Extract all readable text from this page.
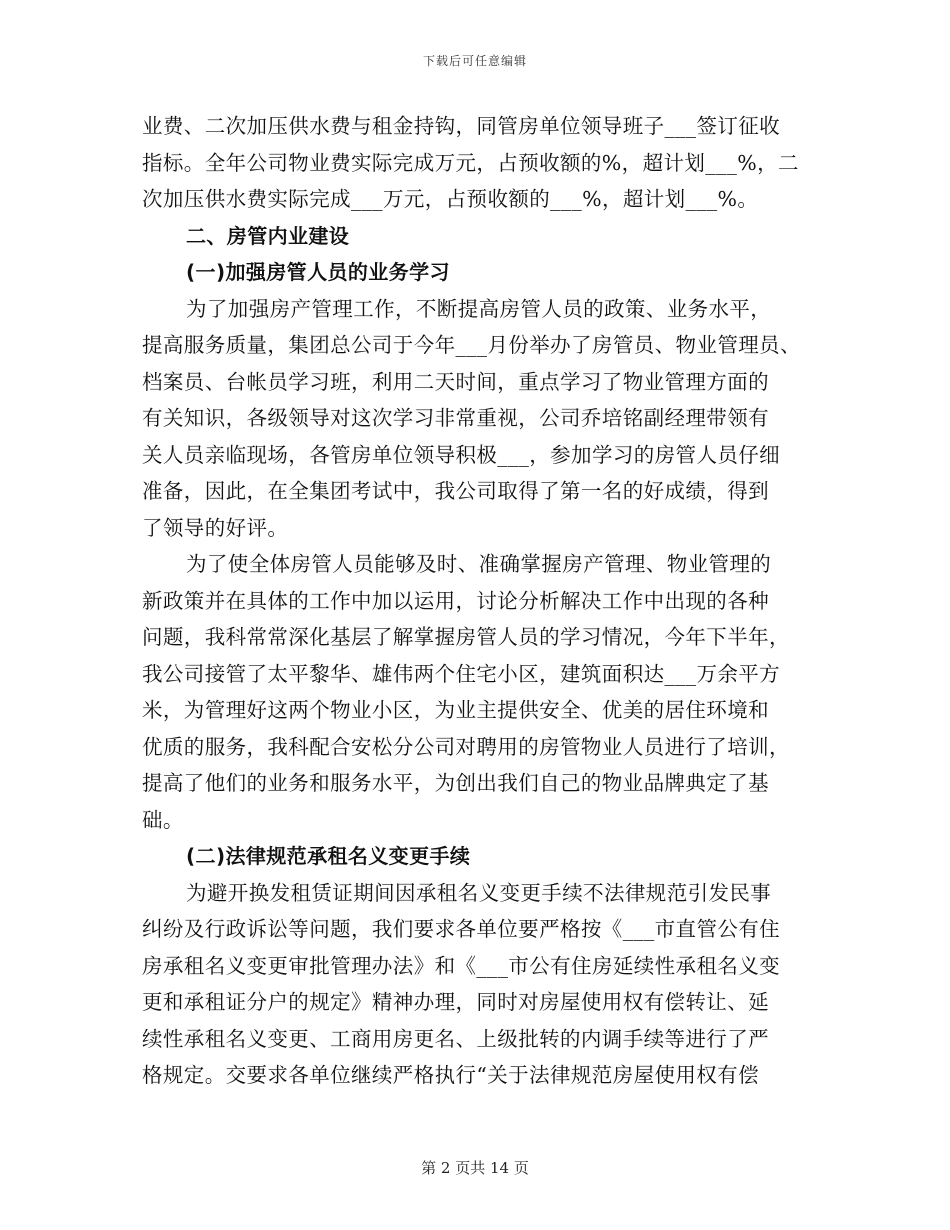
下载后可任意编辑
业费、二次加压供水费与租金持钩，同管房单位领导班子___签订征收
指标。全年公司物业费实际完成万元，占预收额的%，超计划___%，二
次加压供水费实际完成___万元，占预收额的___%，超计划___%。
二、房管内业建设
(一)加强房管人员的业务学习
为了加强房产管理工作，不断提高房管人员的政策、业务水平，
提高服务质量，集团总公司于今年___月份举办了房管员、物业管理员、
档案员、台帐员学习班，利用二天时间，重点学习了物业管理方面的
有关知识，各级领导对这次学习非常重视，公司乔培铭副经理带领有
关人员亲临现场，各管房单位领导积极___，参加学习的房管人员仔细
准备，因此，在全集团考试中，我公司取得了第一名的好成绩，得到
了领导的好评。
为了使全体房管人员能够及时、准确掌握房产管理、物业管理的
新政策并在具体的工作中加以运用，讨论分析解决工作中出现的各种
问题，我科常常深化基层了解掌握房管人员的学习情况，今年下半年，
我公司接管了太平黎华、雄伟两个住宅小区，建筑面积达___万余平方
米，为管理好这两个物业小区，为业主提供安全、优美的居住环境和
优质的服务，我科配合安松分公司对聘用的房管物业人员进行了培训，
提高了他们的业务和服务水平，为创出我们自己的物业品牌典定了基
础。
(二)法律规范承租名义变更手续
为避开换发租赁证期间因承租名义变更手续不法律规范引发民事
纠纷及行政诉讼等问题，我们要求各单位要严格按《___市直管公有住
房承租名义变更审批管理办法》和《___市公有住房延续性承租名义变
更和承租证分户的规定》精神办理，同时对房屋使用权有偿转让、延
续性承租名义变更、工商用房更名、上级批转的内调手续等进行了严
格规定。交要求各单位继续严格执行“关于法律规范房屋使用权有偿
第 2 页共 14 页
